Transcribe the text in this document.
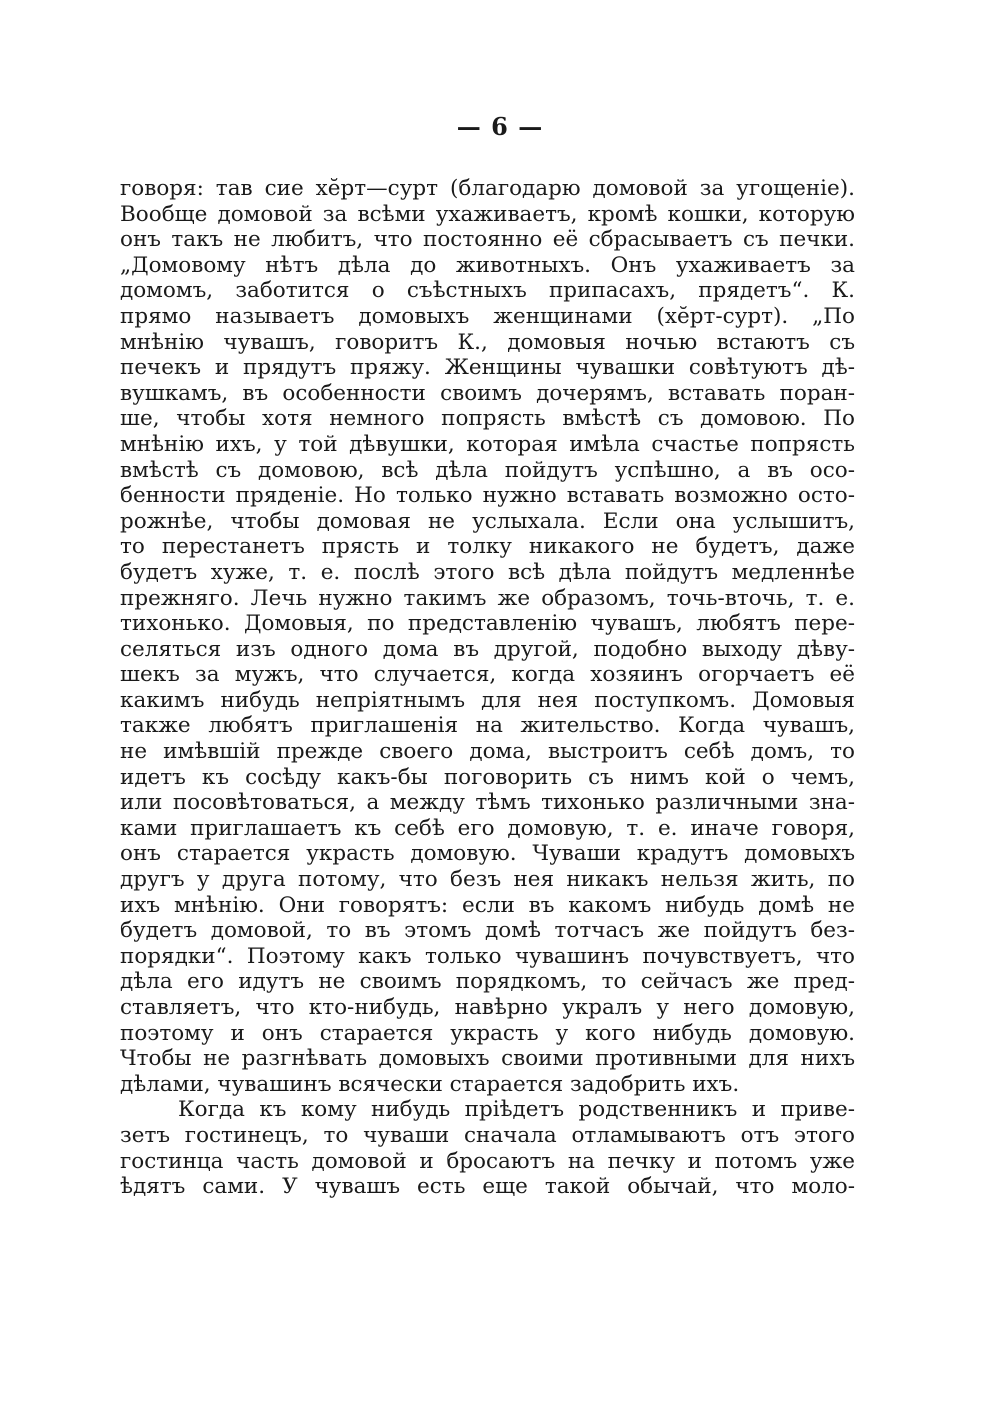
— 6 —
говоря: тав сие хĕрт—сурт (благодарю домовой за угощеніе).
Вообще домовой за всѣми ухаживаетъ, кромѣ кошки, которую
онъ такъ не любитъ, что постоянно её сбрасываетъ съ печки.
„Домовому нѣтъ дѣла до животныхъ. Онъ ухаживаетъ за
домомъ, заботится о съѣстныхъ припасахъ, прядетъ“. К.
прямо называетъ домовыхъ женщинами (хĕрт-сурт). „По
мнѣнію чувашъ, говоритъ К., домовыя ночью встаютъ съ
печекъ и прядутъ пряжу. Женщины чувашки совѣтуютъ дѣ-
вушкамъ, въ особенности своимъ дочерямъ, вставать поран-
ше, чтобы хотя немного попрясть вмѣстѣ съ домовою. По
мнѣнію ихъ, у той дѣвушки, которая имѣла счастье попрясть
вмѣстѣ съ домовою, всѣ дѣла пойдутъ успѣшно, а въ осо-
бенности пряденіе. Но только нужно вставать возможно осто-
рожнѣе, чтобы домовая не услыхала. Если она услышитъ,
то перестанетъ прясть и толку никакого не будетъ, даже
будетъ хуже, т. е. послѣ этого всѣ дѣла пойдутъ медленнѣе
прежняго. Лечь нужно такимъ же образомъ, точь-вточь, т. е.
тихонько. Домовыя, по представленію чувашъ, любятъ пере-
селяться изъ одного дома въ другой, подобно выходу дѣву-
шекъ за мужъ, что случается, когда хозяинъ огорчаетъ её
какимъ нибудь непріятнымъ для нея поступкомъ. Домовыя
также любятъ приглашенія на жительство. Когда чувашъ,
не имѣвшій прежде своего дома, выстроитъ себѣ домъ, то
идетъ къ сосѣду какъ-бы поговорить съ нимъ кой о чемъ,
или посовѣтоваться, а между тѣмъ тихонько различными зна-
ками приглашаетъ къ себѣ его домовую, т. е. иначе говоря,
онъ старается украсть домовую. Чуваши крадутъ домовыхъ
другъ у друга потому, что безъ нея никакъ нельзя жить, по
ихъ мнѣнію. Они говорятъ: если въ какомъ нибудь домѣ не
будетъ домовой, то въ этомъ домѣ тотчасъ же пойдутъ без-
порядки“. Поэтому какъ только чувашинъ почувствуетъ, что
дѣла его идутъ не своимъ порядкомъ, то сейчасъ же пред-
ставляетъ, что кто-нибудь, навѣрно укралъ у него домовую,
поэтому и онъ старается украсть у кого нибудь домовую.
Чтобы не разгнѣвать домовыхъ своими противными для нихъ
дѣлами, чувашинъ всячески старается задобрить ихъ.
Когда къ кому нибудь пріѣдетъ родственникъ и приве-
зетъ гостинецъ, то чуваши сначала отламываютъ отъ этого
гостинца часть домовой и бросаютъ на печку и потомъ уже
ѣдятъ сами. У чувашъ есть еще такой обычай, что моло-
